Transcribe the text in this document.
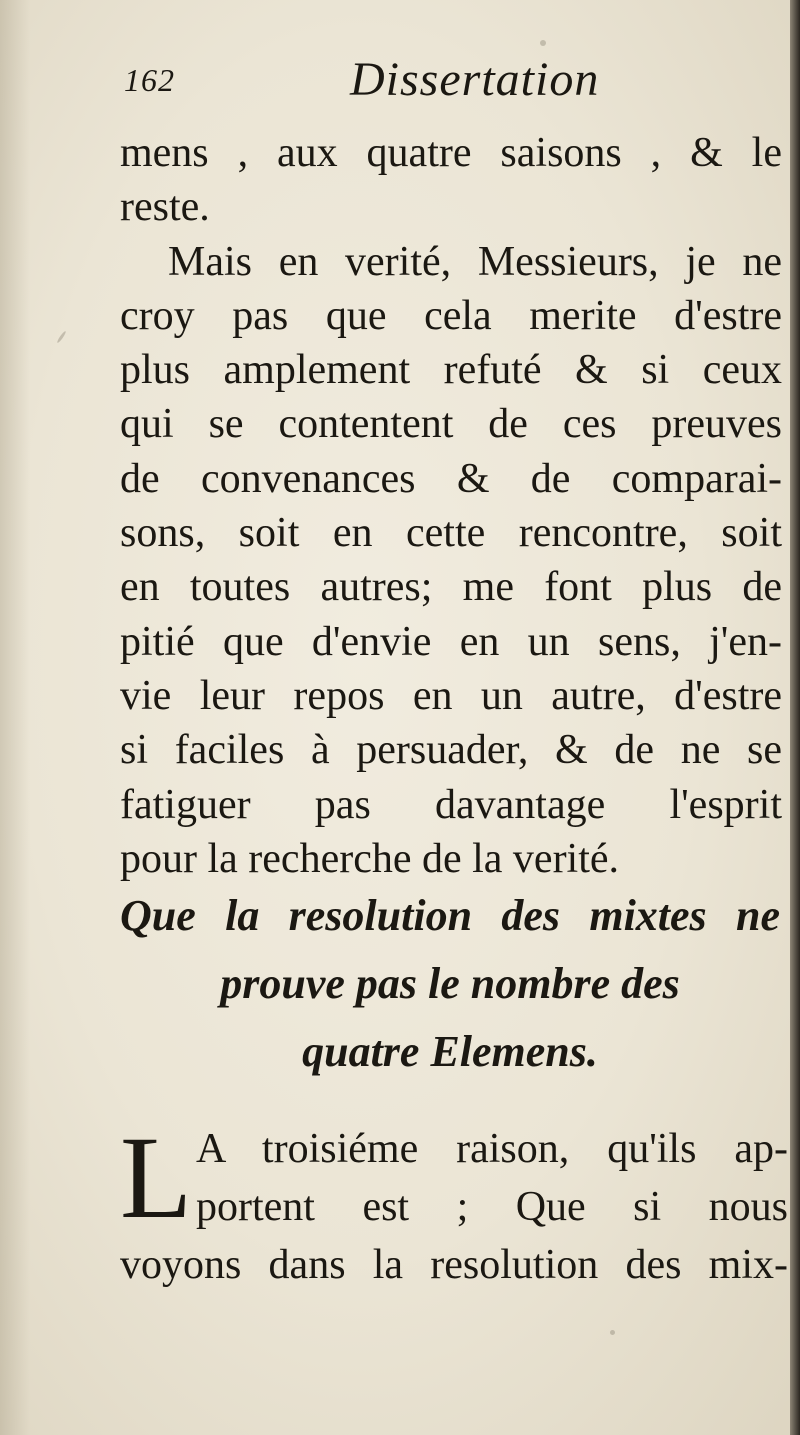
162	Dissertation
mens , aux quatre saisons , & le
reste.
Mais en verité, Messieurs, je ne
croy pas que cela merite d'estre
plus amplement refuté & si ceux
qui se contentent de ces preuves
de convenances & de comparai-
sons, soit en cette rencontre, soit
en toutes autres; me font plus de
pitié que d'envie en un sens, j'en-
vie leur repos en un autre, d'estre
si faciles à persuader, & de ne se
fatiguer pas davantage l'esprit
pour la recherche de la verité.
Que la resolution des mixtes ne
prouve pas le nombre des
quatre Elemens.
L A troisiéme raison, qu'ils ap-
portent est ; Que si nous
voyons dans la resolution des mix-
